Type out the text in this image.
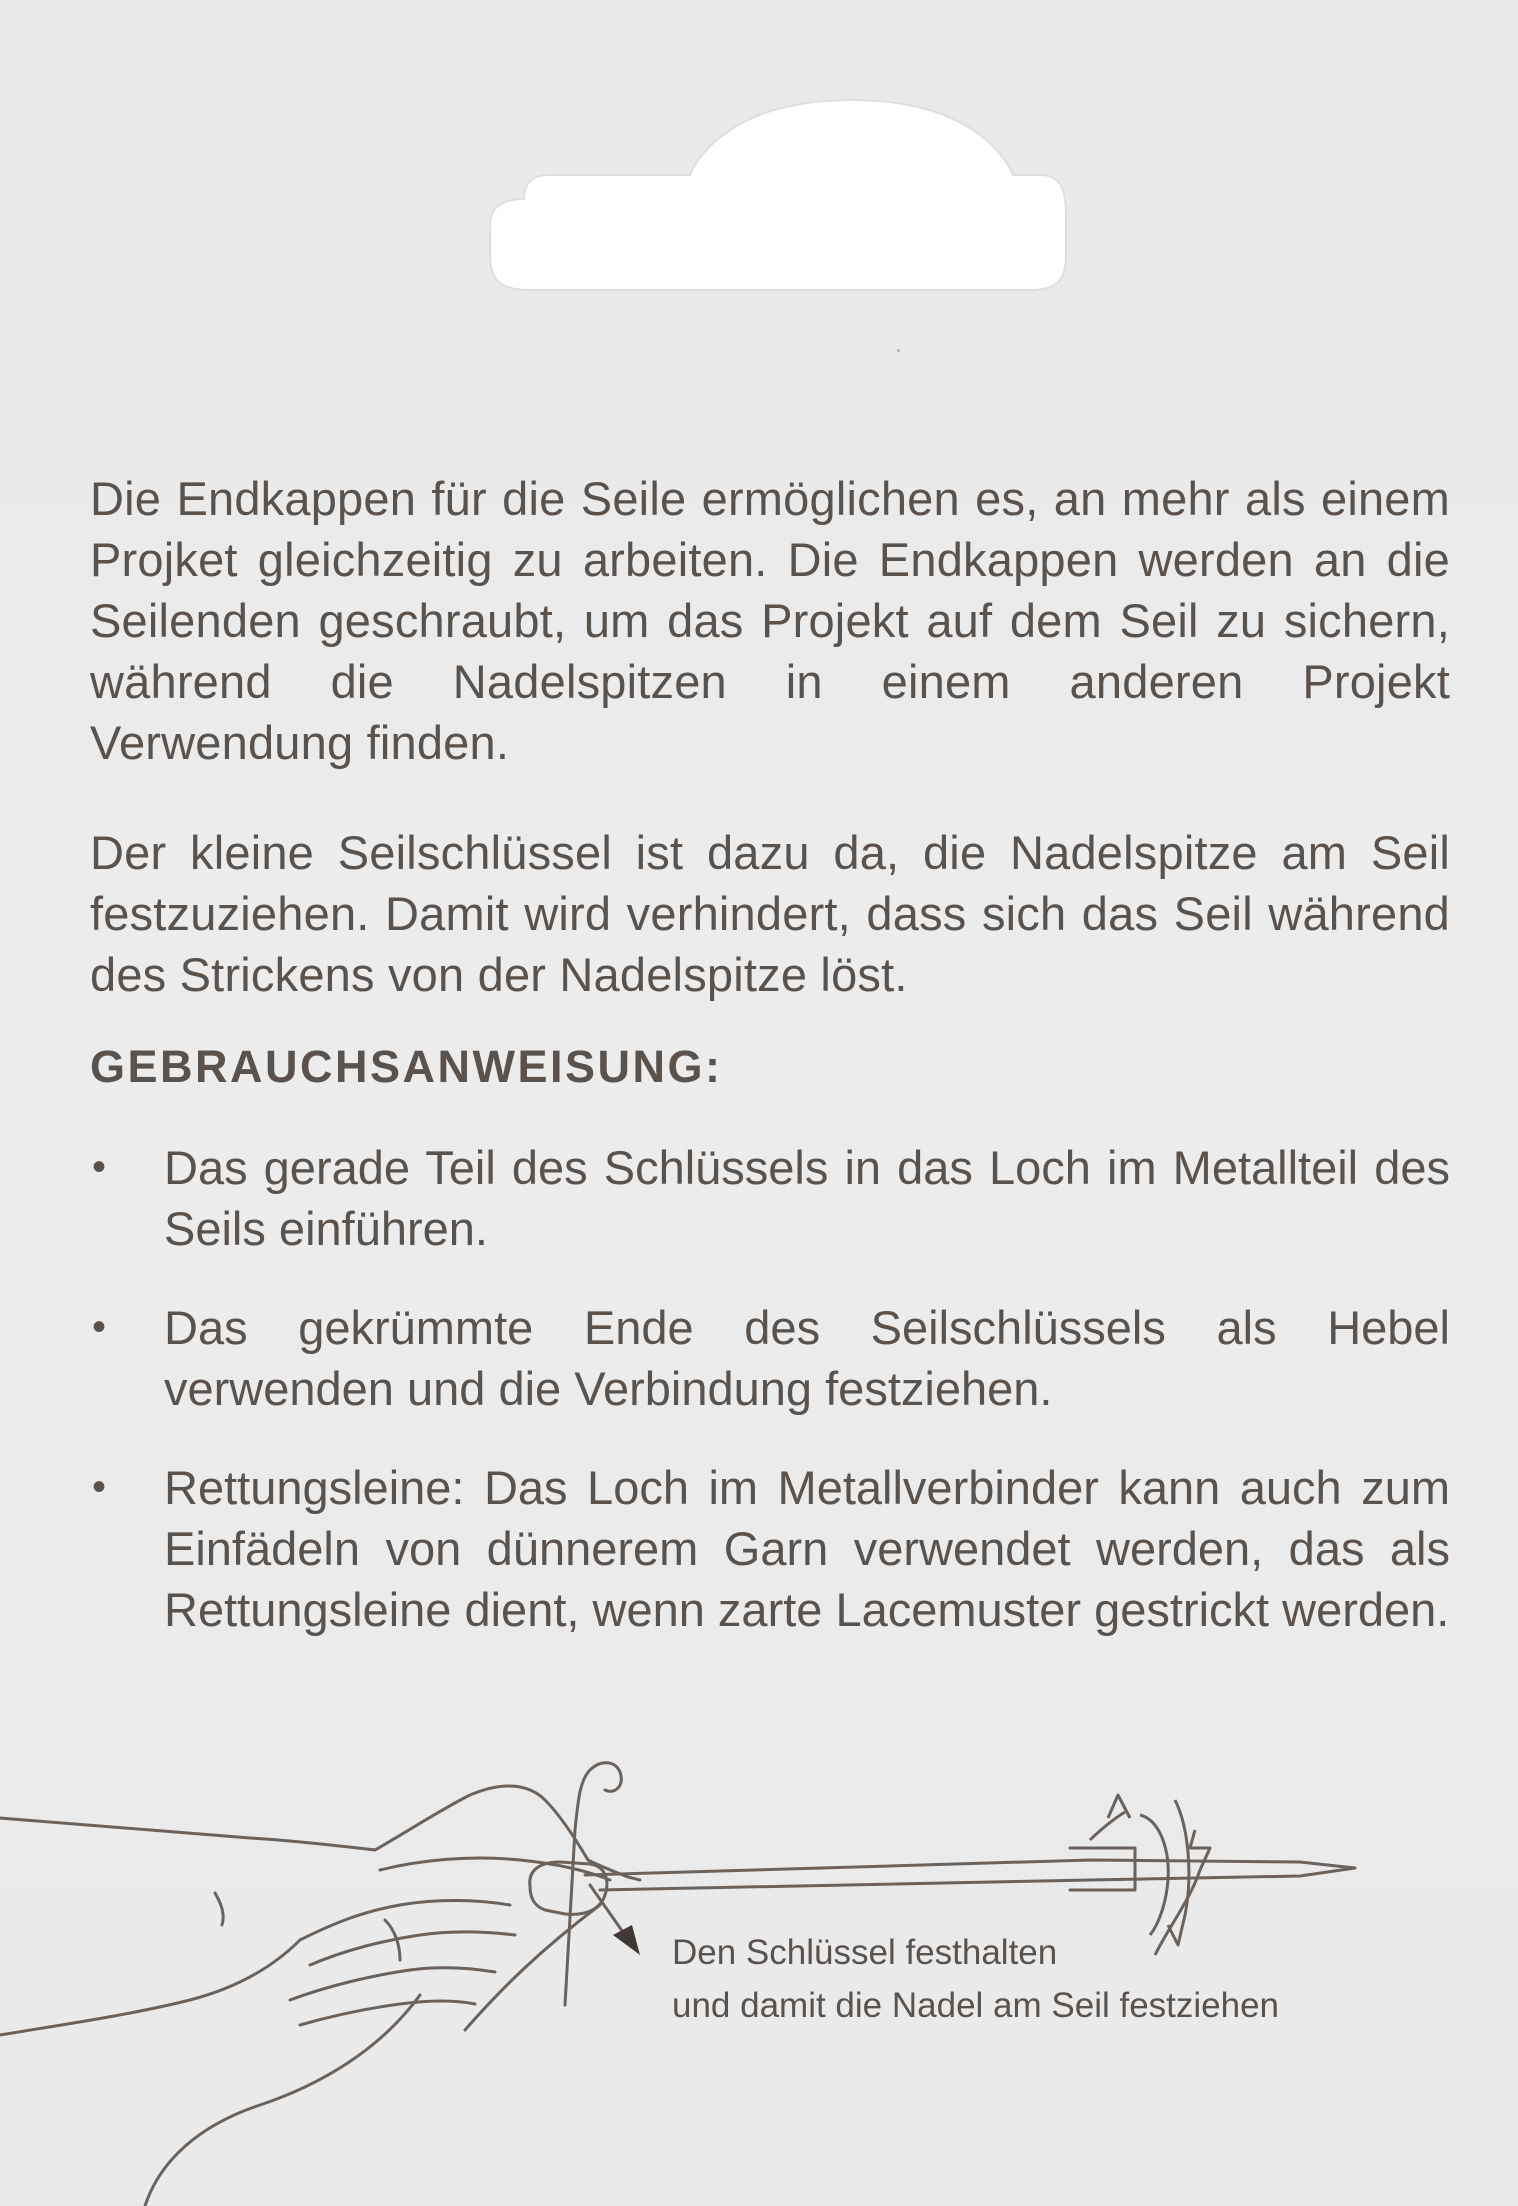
Die Endkappen für die Seile ermöglichen es, an mehr als einem Projket gleichzeitig zu arbeiten. Die Endkappen werden an die Seilenden geschraubt, um das Projekt auf dem Seil zu sichern, während die Nadelspitzen in einem anderen Projekt Verwendung finden.

Der kleine Seilschlüssel ist dazu da, die Nadelspitze am Seil festzuziehen. Damit wird verhindert, dass sich das Seil während des Strickens von der Nadelspitze löst.

GEBRAUCHSANWEISUNG:
• Das gerade Teil des Schlüssels in das Loch im Metallteil des Seils einführen.
• Das gekrümmte Ende des Seilschlüssels als Hebel verwenden und die Verbindung festziehen.
• Rettungsleine: Das Loch im Metallverbinder kann auch zum Einfädeln von dünnerem Garn verwendet werden, das als Rettungsleine dient, wenn zarte Lacemuster gestrickt werden.

Den Schlüssel festhalten

und damit die Nadel am Seil festziehen
